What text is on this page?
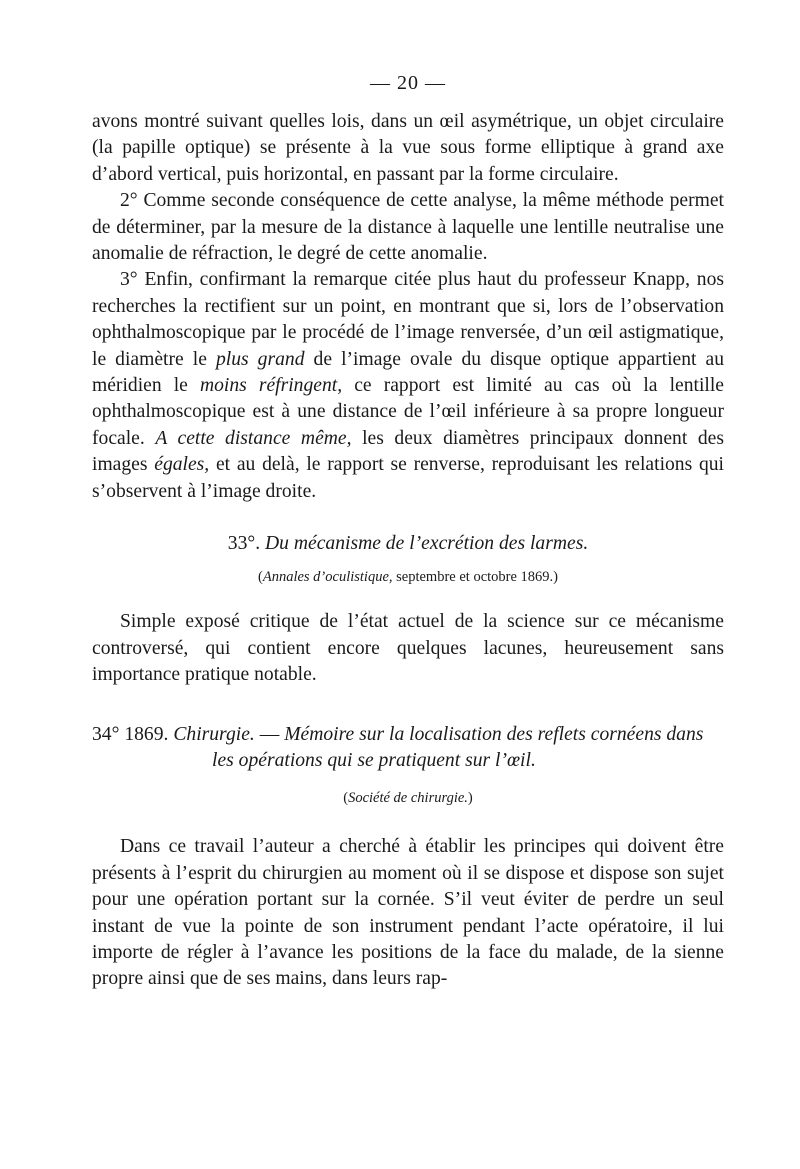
— 20 —

avons montré suivant quelles lois, dans un œil asymétrique, un objet circulaire (la papille optique) se présente à la vue sous forme elliptique à grand axe d’abord vertical, puis horizontal, en passant par la forme circulaire.

2° Comme seconde conséquence de cette analyse, la même méthode permet de déterminer, par la mesure de la distance à laquelle une lentille neutralise une anomalie de réfraction, le degré de cette anomalie.

3° Enfin, confirmant la remarque citée plus haut du professeur Knapp, nos recherches la rectifient sur un point, en montrant que si, lors de l’observation ophthalmoscopique par le procédé de l’image renversée, d’un œil astigmatique, le diamètre le plus grand de l’image ovale du disque optique appartient au méridien le moins réfringent, ce rapport est limité au cas où la lentille ophthalmoscopique est à une distance de l’œil inférieure à sa propre longueur focale. A cette distance même, les deux diamètres principaux donnent des images égales, et au delà, le rapport se renverse, reproduisant les relations qui s’observent à l’image droite.

33°. Du mécanisme de l’excrétion des larmes.
(Annales d’oculistique, septembre et octobre 1869.)

Simple exposé critique de l’état actuel de la science sur ce mécanisme controversé, qui contient encore quelques lacunes, heureusement sans importance pratique notable.

34° 1869. Chirurgie. — Mémoire sur la localisation des reflets cornéens dans les opérations qui se pratiquent sur l’œil.
(Société de chirurgie.)

Dans ce travail l’auteur a cherché à établir les principes qui doivent être présents à l’esprit du chirurgien au moment où il se dispose et dispose son sujet pour une opération portant sur la cornée. S’il veut éviter de perdre un seul instant de vue la pointe de son instrument pendant l’acte opératoire, il lui importe de régler à l’avance les positions de la face du malade, de la sienne propre ainsi que de ses mains, dans leurs rap-
